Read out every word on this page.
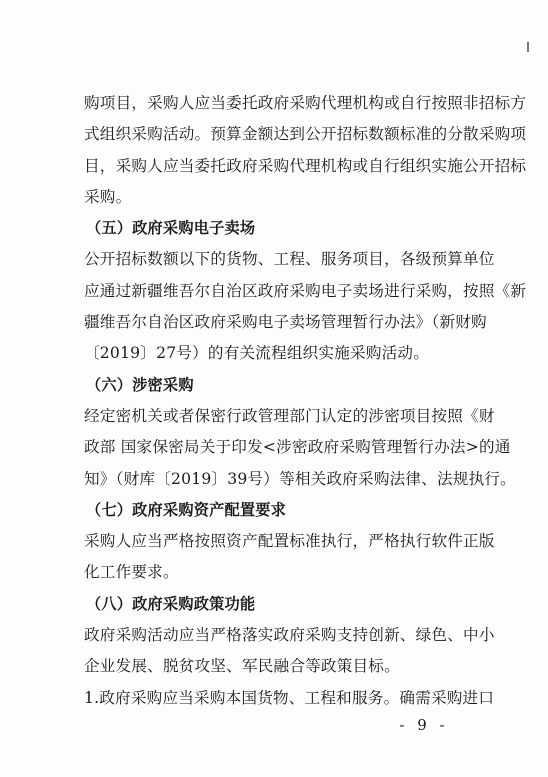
购项目，采购人应当委托政府采购代理机构或自行按照非招标方
式组织采购活动。预算金额达到公开招标数额标准的分散采购项
目，采购人应当委托政府采购代理机构或自行组织实施公开招标
采购。
（五）政府采购电子卖场
公开招标数额以下的货物、工程、服务项目，各级预算单位
应通过新疆维吾尔自治区政府采购电子卖场进行采购，按照《新
疆维吾尔自治区政府采购电子卖场管理暂行办法》（新财购
〔2019〕27号）的有关流程组织实施采购活动。
（六）涉密采购
经定密机关或者保密行政管理部门认定的涉密项目按照《财
政部 国家保密局关于印发<涉密政府采购管理暂行办法>的通
知》（财库〔2019〕39号）等相关政府采购法律、法规执行。
（七）政府采购资产配置要求
采购人应当严格按照资产配置标准执行，严格执行软件正版
化工作要求。
（八）政府采购政策功能
政府采购活动应当严格落实政府采购支持创新、绿色、中小
企业发展、脱贫攻坚、军民融合等政策目标。
1.政府采购应当采购本国货物、工程和服务。确需采购进口
- 9 -
